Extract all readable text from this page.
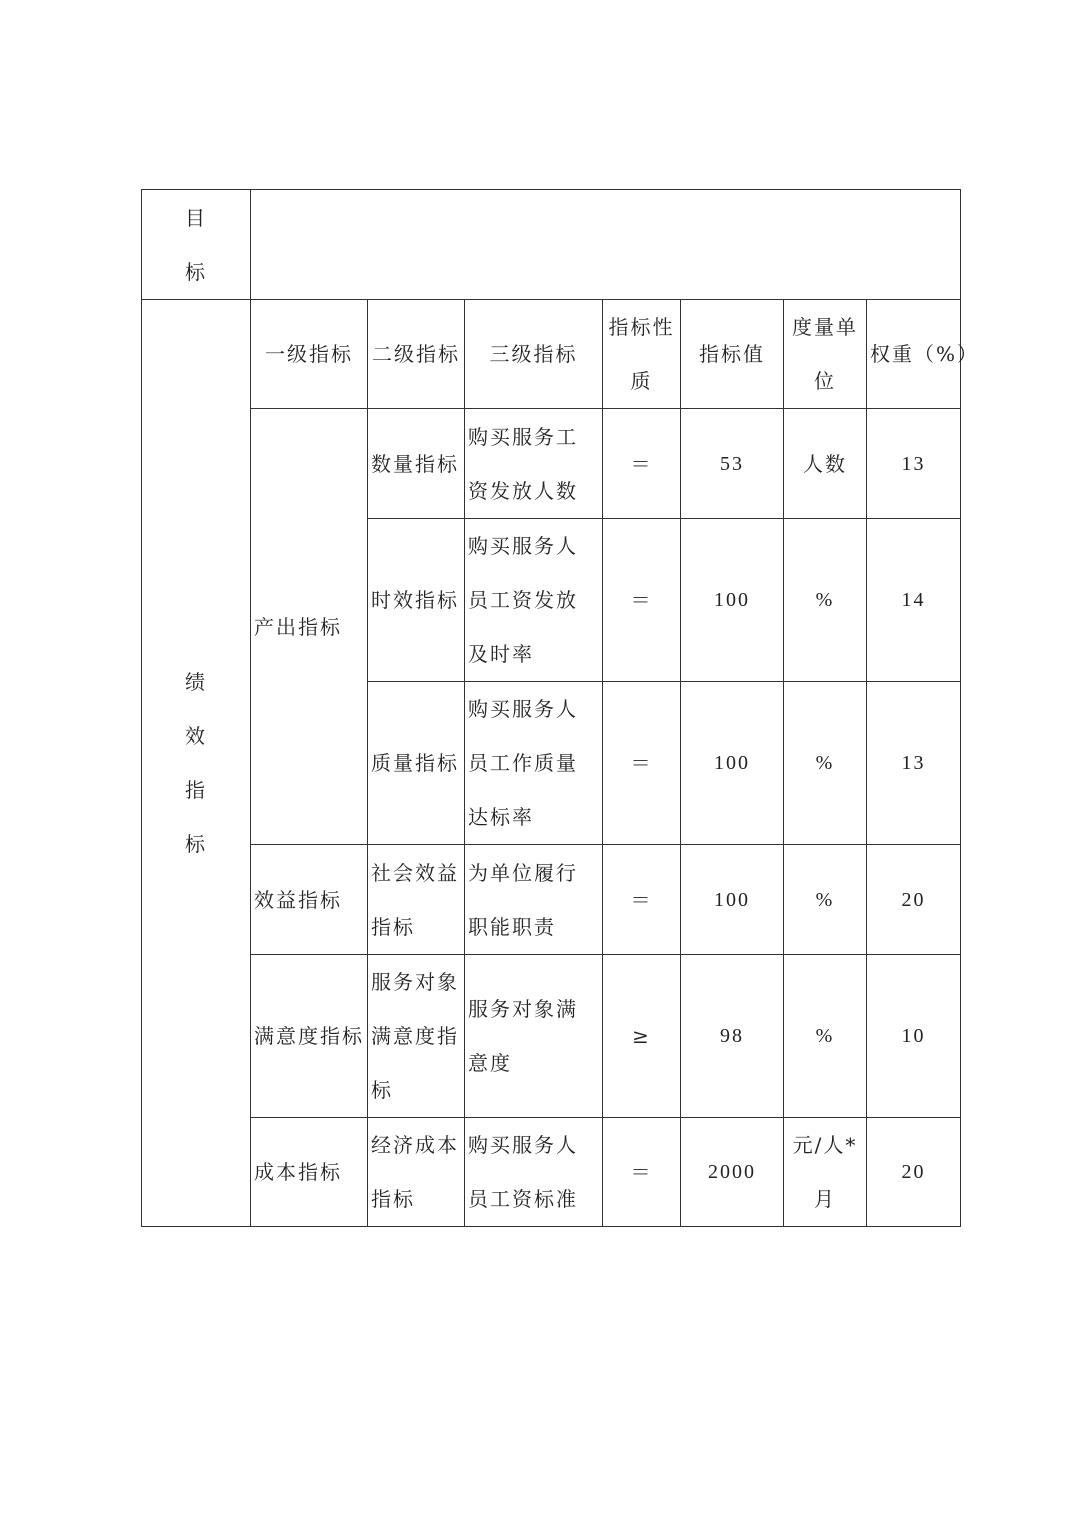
目标							

绩效指标	一级指标	二级指标	三级指标	指标性质	指标值	度量单位	权重（%）
	产出指标	数量指标	购买服务工资发放人数	＝	53	人数	13
		时效指标	购买服务人员工资发放及时率	＝	100	%	14
		质量指标	购买服务人员工作质量达标率	＝	100	%	13
	效益指标	社会效益指标	为单位履行职能职责	＝	100	%	20
	满意度指标	服务对象满意度指标	服务对象满意度	≥	98	%	10
	成本指标	经济成本指标	购买服务人员工资标准	＝	2000	元/人*月	20
